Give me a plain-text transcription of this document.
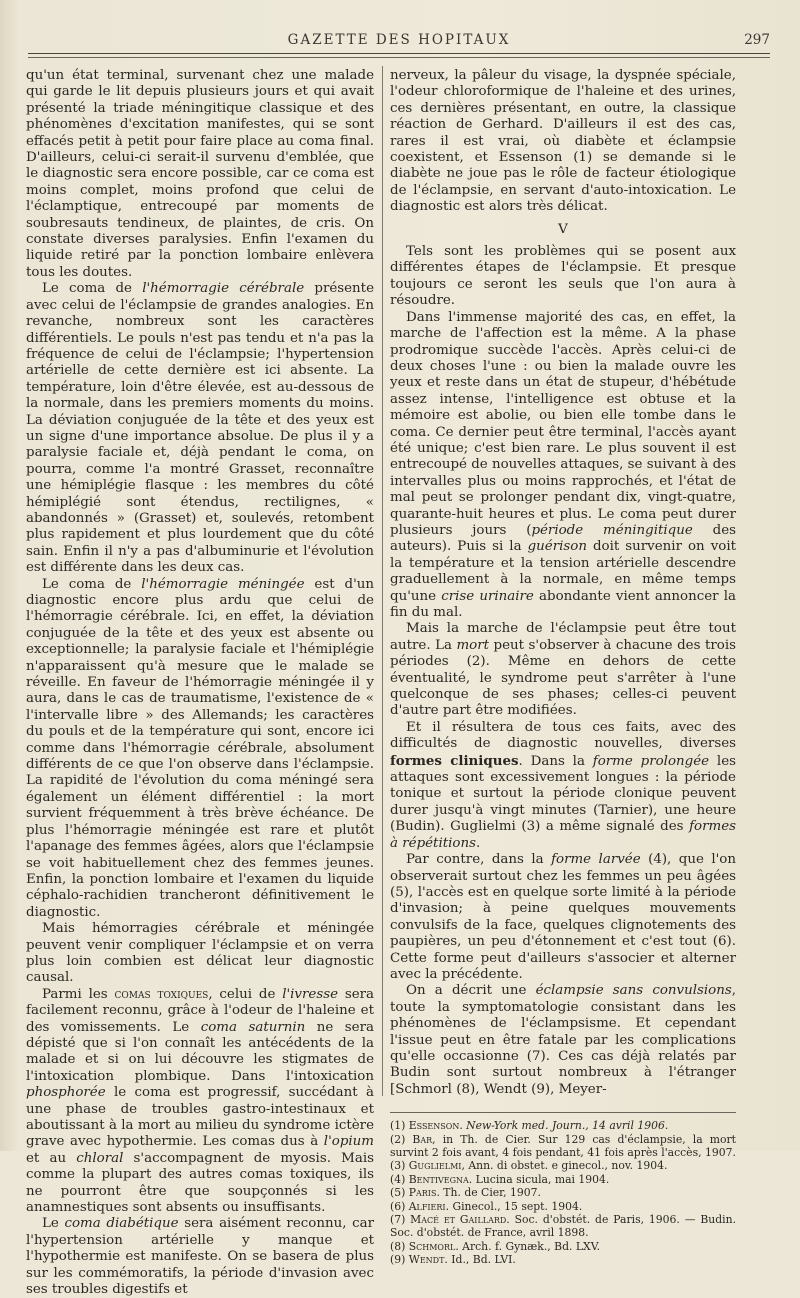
GAZETTE DES HOPITAUX	297

qu'un état terminal, survenant chez une malade qui garde le lit depuis plusieurs jours et qui avait présenté la triade méningitique classique et des phénomènes d'excitation manifestes, qui se sont effacés petit à petit pour faire place au coma final. D'ailleurs, celui-ci serait-il survenu d'emblée, que le diagnostic sera encore possible, car ce coma est moins complet, moins profond que celui de l'éclamptique, entrecoupé par moments de soubresauts tendineux, de plaintes, de cris. On constate diverses paralysies. Enfin l'examen du liquide retiré par la ponction lombaire enlèvera tous les doutes.

Le coma de l'hémorragie cérébrale présente avec celui de l'éclampsie de grandes analogies. En revanche, nombreux sont les caractères différentiels. Le pouls n'est pas tendu et n'a pas la fréquence de celui de l'éclampsie; l'hypertension artérielle de cette dernière est ici absente. La température, loin d'être élevée, est au-dessous de la normale, dans les premiers moments du moins. La déviation conjuguée de la tête et des yeux est un signe d'une importance absolue. De plus il y a paralysie faciale et, déjà pendant le coma, on pourra, comme l'a montré Grasset, reconnaître une hémiplégie flasque : les membres du côté hémiplégié sont étendus, rectilignes, « abandonnés » (Grasset) et, soulevés, retombent plus rapidement et plus lourdement que du côté sain. Enfin il n'y a pas d'albuminurie et l'évolution est différente dans les deux cas.

Le coma de l'hémorragie méningée est d'un diagnostic encore plus ardu que celui de l'hémorragie cérébrale. Ici, en effet, la déviation conjuguée de la tête et des yeux est absente ou exceptionnelle; la paralysie faciale et l'hémiplégie n'apparaissent qu'à mesure que le malade se réveille. En faveur de l'hémorragie méningée il y aura, dans le cas de traumatisme, l'existence de « l'intervalle libre » des Allemands; les caractères du pouls et de la température qui sont, encore ici comme dans l'hémorragie cérébrale, absolument différents de ce que l'on observe dans l'éclampsie. La rapidité de l'évolution du coma méningé sera également un élément différentiel : la mort survient fréquemment à très brève échéance. De plus l'hémorragie méningée est rare et plutôt l'apanage des femmes âgées, alors que l'éclampsie se voit habituellement chez des femmes jeunes. Enfin, la ponction lombaire et l'examen du liquide céphalo-rachidien trancheront définitivement le diagnostic.

Mais hémorragies cérébrale et méningée peuvent venir compliquer l'éclampsie et on verra plus loin combien est délicat leur diagnostic causal.

Parmi les comas toxiques, celui de l'ivresse sera facilement reconnu, grâce à l'odeur de l'haleine et des vomissements. Le coma saturnin ne sera dépisté que si l'on connaît les antécédents de la malade et si on lui découvre les stigmates de l'intoxication plombique. Dans l'intoxication phosphorée le coma est progressif, succédant à une phase de troubles gastro-intestinaux et aboutissant à la mort au milieu du syndrome ictère grave avec hypothermie. Les comas dus à l'opium et au chloral s'accompagnent de myosis. Mais comme la plupart des autres comas toxiques, ils ne pourront être que soupçonnés si les anamnestiques sont absents ou insuffisants.

Le coma diabétique sera aisément reconnu, car l'hypertension artérielle y manque et l'hypothermie est manifeste. On se basera de plus sur les commémoratifs, la période d'invasion avec ses troubles digestifs et

nerveux, la pâleur du visage, la dyspnée spéciale, l'odeur chloroformique de l'haleine et des urines, ces dernières présentant, en outre, la classique réaction de Gerhard. D'ailleurs il est des cas, rares il est vrai, où diabète et éclampsie coexistent, et Essenson (1) se demande si le diabète ne joue pas le rôle de facteur étiologique de l'éclampsie, en servant d'auto-intoxication. Le diagnostic est alors très délicat.

V

Tels sont les problèmes qui se posent aux différentes étapes de l'éclampsie. Et presque toujours ce seront les seuls que l'on aura à résoudre.

Dans l'immense majorité des cas, en effet, la marche de l'affection est la même. A la phase prodromique succède l'accès. Après celui-ci de deux choses l'une : ou bien la malade ouvre les yeux et reste dans un état de stupeur, d'hébétude assez intense, l'intelligence est obtuse et la mémoire est abolie, ou bien elle tombe dans le coma. Ce dernier peut être terminal, l'accès ayant été unique; c'est bien rare. Le plus souvent il est entrecoupé de nouvelles attaques, se suivant à des intervalles plus ou moins rapprochés, et l'état de mal peut se prolonger pendant dix, vingt-quatre, quarante-huit heures et plus. Le coma peut durer plusieurs jours (période méningitique des auteurs). Puis si la guérison doit survenir on voit la température et la tension artérielle descendre graduellement à la normale, en même temps qu'une crise urinaire abondante vient annoncer la fin du mal.

Mais la marche de l'éclampsie peut être tout autre. La mort peut s'observer à chacune des trois périodes (2). Même en dehors de cette éventualité, le syndrome peut s'arrêter à l'une quelconque de ses phases; celles-ci peuvent d'autre part être modifiées.

Et il résultera de tous ces faits, avec des difficultés de diagnostic nouvelles, diverses formes cliniques. Dans la forme prolongée les attaques sont excessivement longues : la période tonique et surtout la période clonique peuvent durer jusqu'à vingt minutes (Tarnier), une heure (Budin). Guglielmi (3) a même signalé des formes à répétitions.

Par contre, dans la forme larvée (4), que l'on observerait surtout chez les femmes un peu âgées (5), l'accès est en quelque sorte limité à la période d'invasion; à peine quelques mouvements convulsifs de la face, quelques clignotements des paupières, un peu d'étonnement et c'est tout (6). Cette forme peut d'ailleurs s'associer et alterner avec la précédente.

On a décrit une éclampsie sans convulsions, toute la symptomatologie consistant dans les phénomènes de l'éclampsisme. Et cependant l'issue peut en être fatale par les complications qu'elle occasionne (7). Ces cas déjà relatés par Budin sont surtout nombreux à l'étranger [Schmorl (8), Wendt (9), Meyer-

(1) Essenson. New-York med. Journ., 14 avril 1906.
(2) Bar, in Th. de Cier. Sur 129 cas d'éclampsie, la mort survint 2 fois avant, 4 fois pendant, 41 fois après l'accès, 1907.
(3) Guglielmi, Ann. di obstet. e ginecol., nov. 1904.
(4) Bentivegna. Lucina sicula, mai 1904.
(5) Paris. Th. de Cier, 1907.
(6) Alfieri. Ginecol., 15 sept. 1904.
(7) Macé et Gaillard. Soc. d'obstét. de Paris, 1906. — Budin. Soc. d'obstét. de France, avril 1898.
(8) Schmorl. Arch. f. Gynæk., Bd. LXV.
(9) Wendt. Id., Bd. LVI.
